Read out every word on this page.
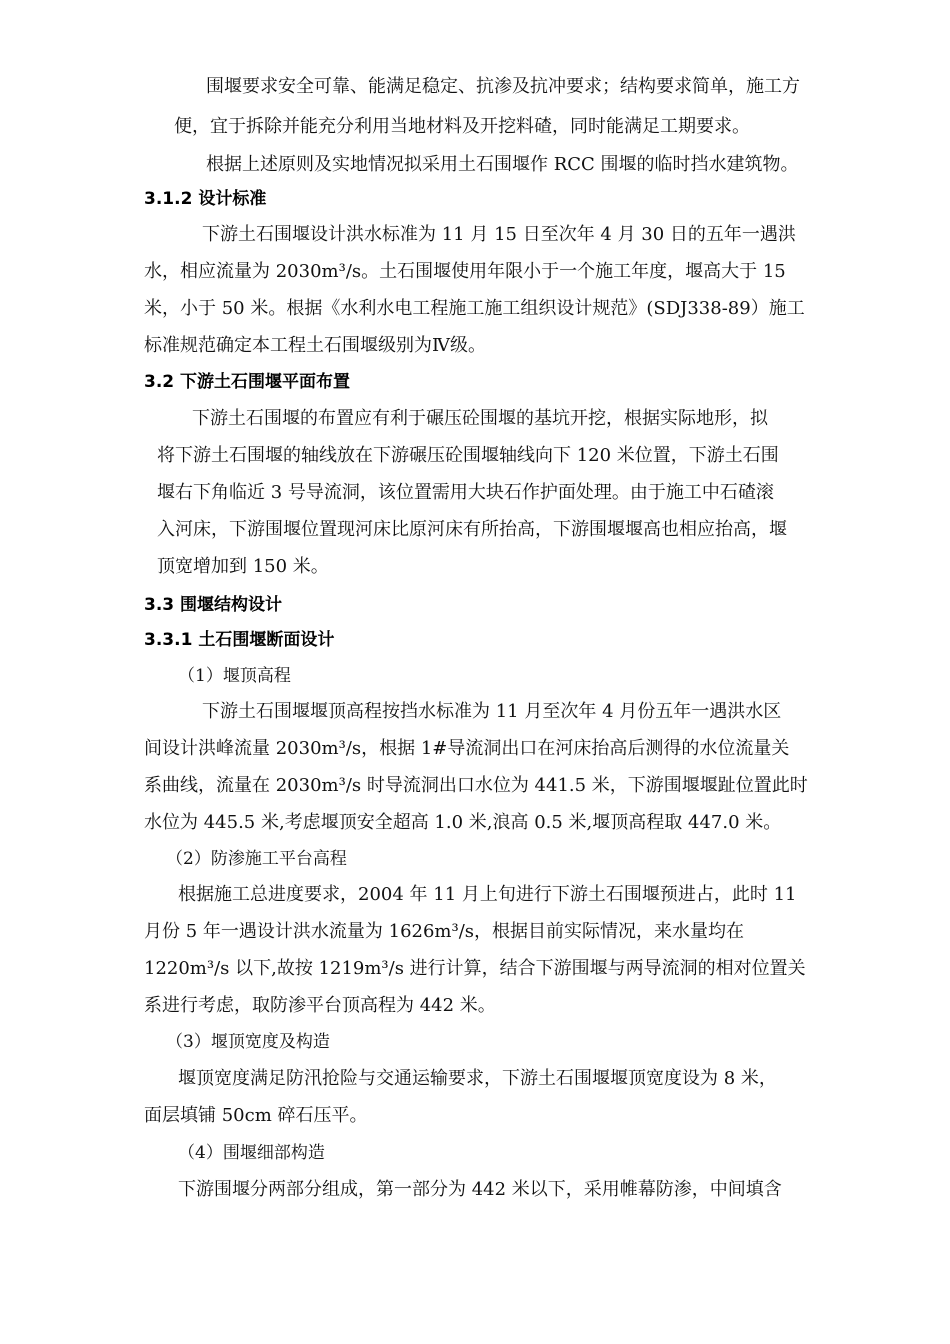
围堰要求安全可靠、能满足稳定、抗渗及抗冲要求；结构要求简单，施工方
便，宜于拆除并能充分利用当地材料及开挖料碴，同时能满足工期要求。
根据上述原则及实地情况拟采用土石围堰作 RCC 围堰的临时挡水建筑物。
3.1.2 设计标准
下游土石围堰设计洪水标准为 11 月 15 日至次年 4 月 30 日的五年一遇洪
水，相应流量为 2030m³/s。土石围堰使用年限小于一个施工年度，堰高大于 15
米，小于 50 米。根据《水利水电工程施工施工组织设计规范》(SDJ338-89）施工
标准规范确定本工程土石围堰级别为Ⅳ级。
3.2 下游土石围堰平面布置
下游土石围堰的布置应有利于碾压砼围堰的基坑开挖，根据实际地形，拟
将下游土石围堰的轴线放在下游碾压砼围堰轴线向下 120 米位置，下游土石围
堰右下角临近 3 号导流洞，该位置需用大块石作护面处理。由于施工中石碴滚
入河床，下游围堰位置现河床比原河床有所抬高，下游围堰堰高也相应抬高，堰
顶宽增加到 150 米。
3.3 围堰结构设计
3.3.1 土石围堰断面设计
（1）堰顶高程
下游土石围堰堰顶高程按挡水标准为 11 月至次年 4 月份五年一遇洪水区
间设计洪峰流量 2030m³/s，根据 1#导流洞出口在河床抬高后测得的水位流量关
系曲线，流量在 2030m³/s 时导流洞出口水位为 441.5 米，下游围堰堰趾位置此时
水位为 445.5 米,考虑堰顶安全超高 1.0 米,浪高 0.5 米,堰顶高程取 447.0 米。
（2）防渗施工平台高程
根据施工总进度要求，2004 年 11 月上旬进行下游土石围堰预进占，此时 11
月份 5 年一遇设计洪水流量为 1626m³/s，根据目前实际情况，来水量均在
1220m³/s 以下,故按 1219m³/s 进行计算，结合下游围堰与两导流洞的相对位置关
系进行考虑，取防渗平台顶高程为 442 米。
（3）堰顶宽度及构造
堰顶宽度满足防汛抢险与交通运输要求，下游土石围堰堰顶宽度设为 8 米，
面层填铺 50cm 碎石压平。
（4）围堰细部构造
下游围堰分两部分组成，第一部分为 442 米以下，采用帷幕防渗，中间填含
